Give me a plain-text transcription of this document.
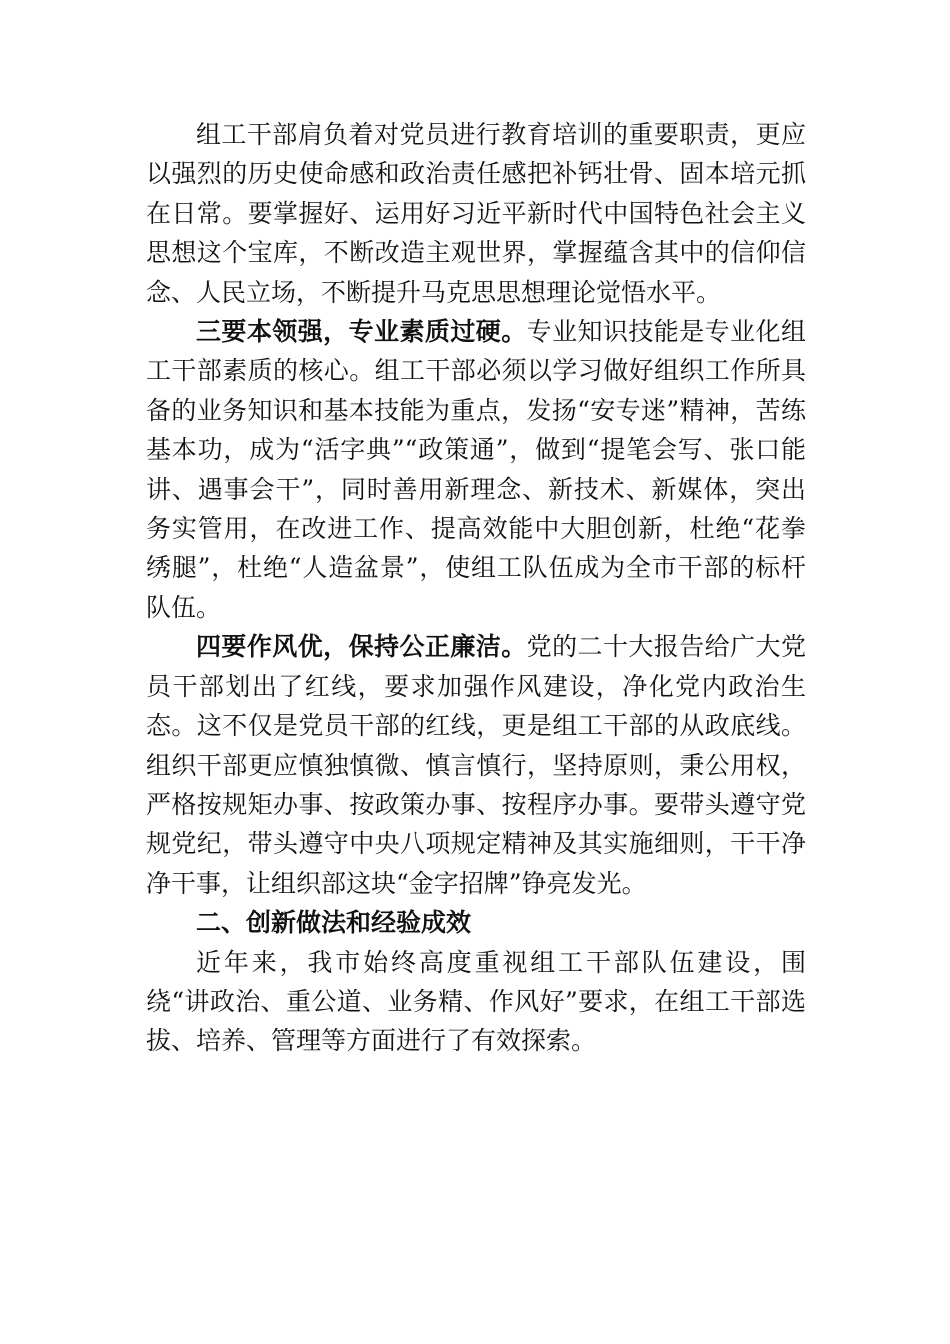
组工干部肩负着对党员进行教育培训的重要职责，更应以强烈的历史使命感和政治责任感把补钙壮骨、固本培元抓在日常。要掌握好、运用好习近平新时代中国特色社会主义思想这个宝库，不断改造主观世界，掌握蕴含其中的信仰信念、人民立场，不断提升马克思思想理论觉悟水平。

三要本领强，专业素质过硬。专业知识技能是专业化组工干部素质的核心。组工干部必须以学习做好组织工作所具备的业务知识和基本技能为重点，发扬“安专迷”精神，苦练基本功，成为“活字典”“政策通”，做到“提笔会写、张口能讲、遇事会干”，同时善用新理念、新技术、新媒体，突出务实管用，在改进工作、提高效能中大胆创新，杜绝“花拳绣腿”，杜绝“人造盆景”，使组工队伍成为全市干部的标杆队伍。

四要作风优，保持公正廉洁。党的二十大报告给广大党员干部划出了红线，要求加强作风建设，净化党内政治生态。这不仅是党员干部的红线，更是组工干部的从政底线。组织干部更应慎独慎微、慎言慎行，坚持原则，秉公用权，严格按规矩办事、按政策办事、按程序办事。要带头遵守党规党纪，带头遵守中央八项规定精神及其实施细则，干干净净干事，让组织部这块“金字招牌”铮亮发光。

二、创新做法和经验成效

近年来，我市始终高度重视组工干部队伍建设，围绕“讲政治、重公道、业务精、作风好”要求，在组工干部选拔、培养、管理等方面进行了有效探索。
